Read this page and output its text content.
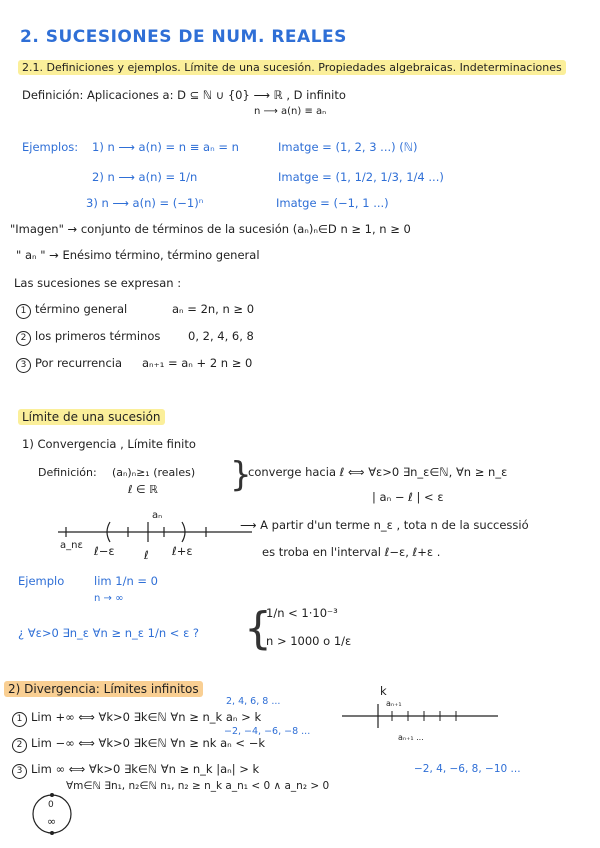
2. SUCESIONES DE NUM. REALES
2.1. Definiciones y ejemplos. Límite de una sucesión. Propiedades algebraicas. Indeterminaciones
Definición: Aplicaciones a: D ⊆ ℕ ∪ {0} ⟶ ℝ , D infinito
n ⟶ a(n) ≡ aₙ
Ejemplos: 1) n ⟶ a(n) = n ≡ aₙ = n	Imatge = (1, 2, 3 ...) (ℕ)
2) n ⟶ a(n) = 1/n	Imatge = (1, 1/2, 1/3, 1/4 ...)
3) n ⟶ a(n) = (−1)ⁿ	Imatge = (−1, 1 ...)
"Imagen" → conjunto de términos de la sucesión (aₙ)ₙ∈D n ≥ 1, n ≥ 0
" aₙ " → Enésimo término, término general
Las sucesiones se expresan :
1 término general	aₙ = 2n, n ≥ 0
2 los primeros términos 0, 2, 4, 6, 8
3 Por recurrencia aₙ₊₁ = aₙ + 2 n ≥ 0
Límite de una sucesión
1) Convergencia , Límite finito
Definición: (aₙ)ₙ≥₁ (reales)
ℓ ∈ ℝ }
converge hacia ℓ ⟺ ∀ε>0 ∃n_ε∈ℕ, ∀n ≥ n_ε
| aₙ − ℓ | < ε
aₙ
a_nε ℓ−ε	ℓ ℓ+ε
⟶ A partir d'un terme n_ε , tota n de la successió
es troba en l'interval ℓ−ε, ℓ+ε .
Ejemplo	lim 1/n = 0
n → ∞
¿ ∀ε>0 ∃n_ε ∀n ≥ n_ε 1/n < ε ? {
1/n < 1·10⁻³
n > 1000 o 1/ε
2) Divergencia: Límites infinitos
2, 4, 6, 8 ...
1 Lim +∞ ⟺ ∀k>0 ∃k∈ℕ ∀n ≥ n_k aₙ > k
−2, −4, −6, −8 ...
2 Lim −∞ ⟺ ∀k>0 ∃k∈ℕ ∀n ≥ nk aₙ < −k
k
aₙ₊₁
aₙ₊₁ ...
3 Lim ∞ ⟺ ∀k>0 ∃k∈ℕ ∀n ≥ n_k |aₙ| > k	−2, 4, −6, 8, −10 ...
∀m∈ℕ ∃n₁, n₂∈ℕ n₁, n₂ ≥ n_k a_n₁ < 0 ∧ a_n₂ > 0
0
∞
